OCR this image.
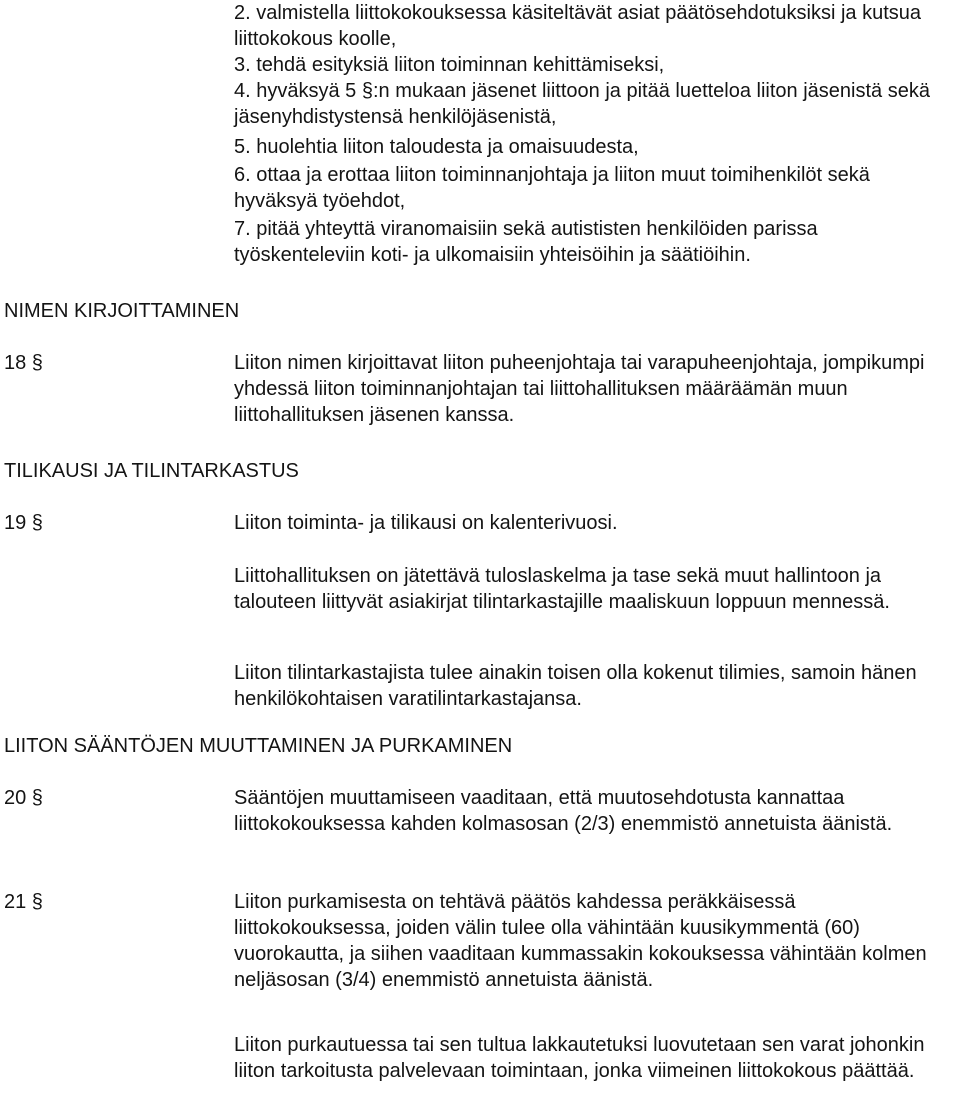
2. valmistella liittokokouksessa käsiteltävät asiat päätösehdotuksiksi ja kutsua liittokokous koolle,

3. tehdä esityksiä liiton toiminnan kehittämiseksi,

4. hyväksyä 5 §:n mukaan jäsenet liittoon ja pitää luetteloa liiton jäsenistä sekä jäsenyhdistystensä henkilöjäsenistä,

5. huolehtia liiton taloudesta ja omaisuudesta,

6. ottaa ja erottaa liiton toiminnanjohtaja ja liiton muut toimihenkilöt sekä hyväksyä työehdot,

7. pitää yhteyttä viranomaisiin sekä autististen henkilöiden parissa työskenteleviin koti- ja ulkomaisiin yhteisöihin ja säätiöihin.

NIMEN KIRJOITTAMINEN
18 §	Liiton nimen kirjoittavat liiton puheenjohtaja tai varapuheenjohtaja, jompikumpi yhdessä liiton toiminnanjohtajan tai liittohallituksen määräämän muun liittohallituksen jäsenen kanssa.

TILIKAUSI JA TILINTARKASTUS
19 §	Liiton toiminta- ja tilikausi on kalenterivuosi.

Liittohallituksen on jätettävä tuloslaskelma ja tase sekä muut hallintoon ja talouteen liittyvät asiakirjat tilintarkastajille maaliskuun loppuun mennessä.

Liiton tilintarkastajista tulee ainakin toisen olla kokenut tilimies, samoin hänen henkilökohtaisen varatilintarkastajansa.

LIITON SÄÄNTÖJEN MUUTTAMINEN JA PURKAMINEN
20 §	Sääntöjen muuttamiseen vaaditaan, että muutosehdotusta kannattaa liittokokouksessa kahden kolmasosan (2/3) enemmistö annetuista äänistä.

21 §	Liiton purkamisesta on tehtävä päätös kahdessa peräkkäisessä liittokokouksessa, joiden välin tulee olla vähintään kuusikymmentä (60) vuorokautta, ja siihen vaaditaan kummassakin kokouksessa vähintään kolmen neljäsosan (3/4) enemmistö annetuista äänistä.

Liiton purkautuessa tai sen tultua lakkautetuksi luovutetaan sen varat johonkin liiton tarkoitusta palvelevaan toimintaan, jonka viimeinen liittokokous päättää.
